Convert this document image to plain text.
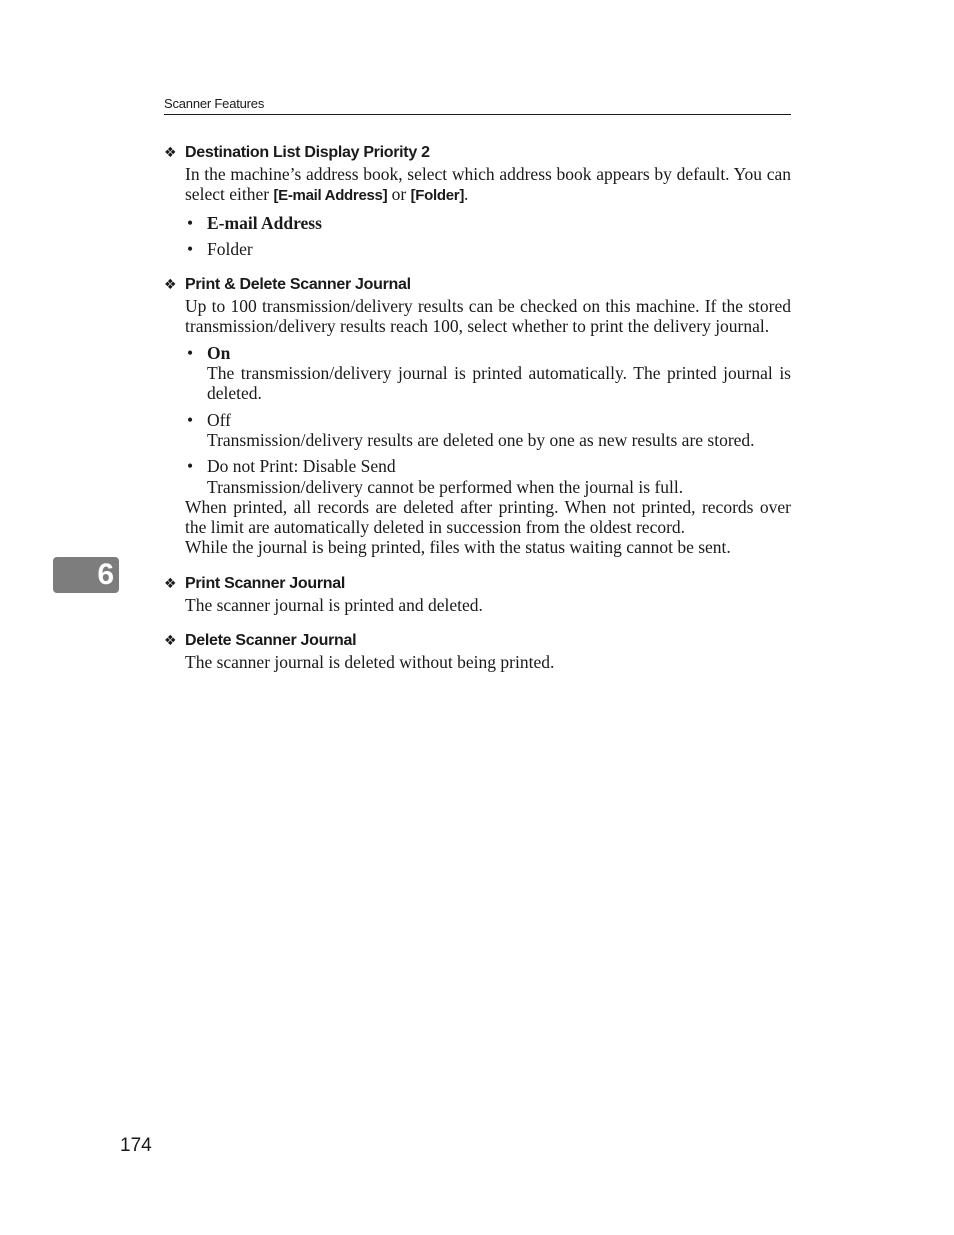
Scanner Features
❖ Destination List Display Priority 2

In the machine’s address book, select which address book appears by default. You can select either [E-mail Address] or [Folder].

• E-mail Address
• Folder
❖ Print & Delete Scanner Journal

Up to 100 transmission/delivery results can be checked on this machine. If the stored transmission/delivery results reach 100, select whether to print the delivery journal.

• On
The transmission/delivery journal is printed automatically. The printed journal is deleted.
• Off
Transmission/delivery results are deleted one by one as new results are stored.
• Do not Print: Disable Send
Transmission/delivery cannot be performed when the journal is full.

When printed, all records are deleted after printing. When not printed, records over the limit are automatically deleted in succession from the oldest record.

While the journal is being printed, files with the status waiting cannot be sent.

❖ Print Scanner Journal

The scanner journal is printed and deleted.

❖ Delete Scanner Journal

The scanner journal is deleted without being printed.

6
174
